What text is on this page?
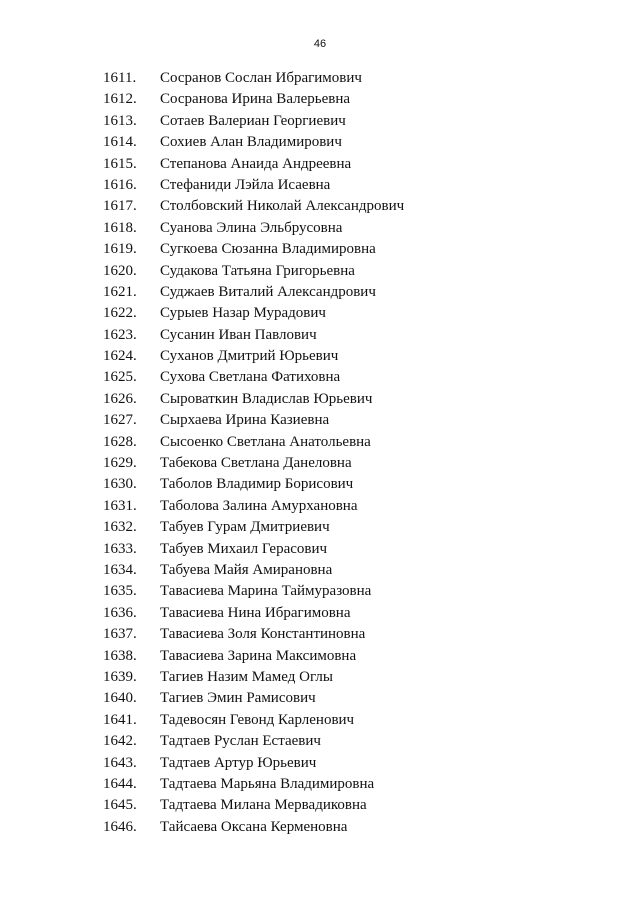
46
1611. Сосранов Сослан Ибрагимович
1612. Сосранова Ирина Валерьевна
1613. Сотаев Валериан Георгиевич
1614. Сохиев Алан Владимирович
1615. Степанова Анаида Андреевна
1616. Стефаниди Лэйла Исаевна
1617. Столбовский Николай Александрович
1618. Суанова Элина Эльбрусовна
1619. Сугкоева Сюзанна Владимировна
1620. Судакова Татьяна Григорьевна
1621. Суджаев Виталий Александрович
1622. Сурыев Назар Мурадович
1623. Сусанин Иван Павлович
1624. Суханов Дмитрий Юрьевич
1625. Сухова Светлана Фатиховна
1626. Сыроваткин Владислав Юрьевич
1627. Сырхаева Ирина Казиевна
1628. Сысоенко Светлана Анатольевна
1629. Табекова Светлана Данеловна
1630. Таболов Владимир Борисович
1631. Таболова Залина Амурхановна
1632. Табуев Гурам Дмитриевич
1633. Табуев Михаил Герасович
1634. Табуева Майя Амирановна
1635. Тавасиева Марина Таймуразовна
1636. Тавасиева Нина Ибрагимовна
1637. Тавасиева Золя Константиновна
1638. Тавасиева Зарина Максимовна
1639. Тагиев Назим Мамед Оглы
1640. Тагиев Эмин Рамисович
1641. Тадевосян Гевонд Карленович
1642. Тадтаев Руслан Естаевич
1643. Тадтаев Артур Юрьевич
1644. Тадтаева Марьяна Владимировна
1645. Тадтаева Милана Мервадиковна
1646. Тайсаева Оксана Керменовна
